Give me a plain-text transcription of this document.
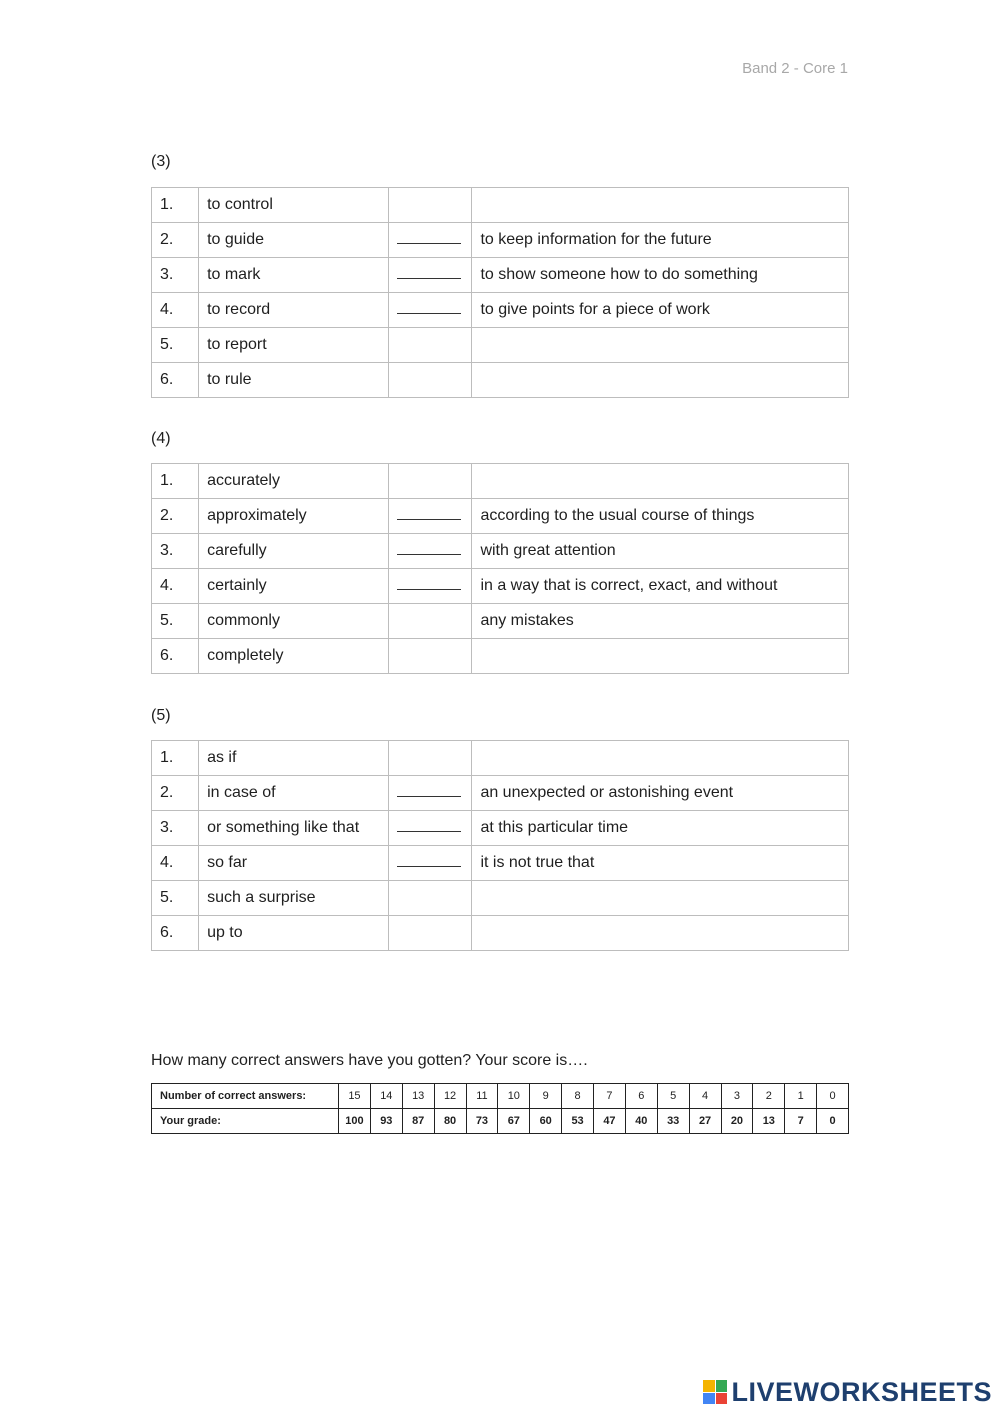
Band 2 - Core 1
(3)
1.	to control		
2.	to guide		to keep information for the future
3.	to mark		to show someone how to do something
4.	to record		to give points for a piece of work
5.	to report		
6.	to rule		
(4)
1.	accurately		
2.	approximately		according to the usual course of things
3.	carefully		with great attention
4.	certainly		in a way that is correct, exact, and without
5.	commonly		any mistakes
6.	completely		
(5)
1.	as if		
2.	in case of		an unexpected or astonishing event
3.	or something like that		at this particular time
4.	so far		it is not true that
5.	such a surprise		
6.	up to		
How many correct answers have you gotten? Your score is….
Number of correct answers:	15	14	13	12	11	10	9	8	7	6	5	4	3	2	1	0
Your grade:	100	93	87	80	73	67	60	53	47	40	33	27	20	13	7	0
LIVEWORKSHEETS
